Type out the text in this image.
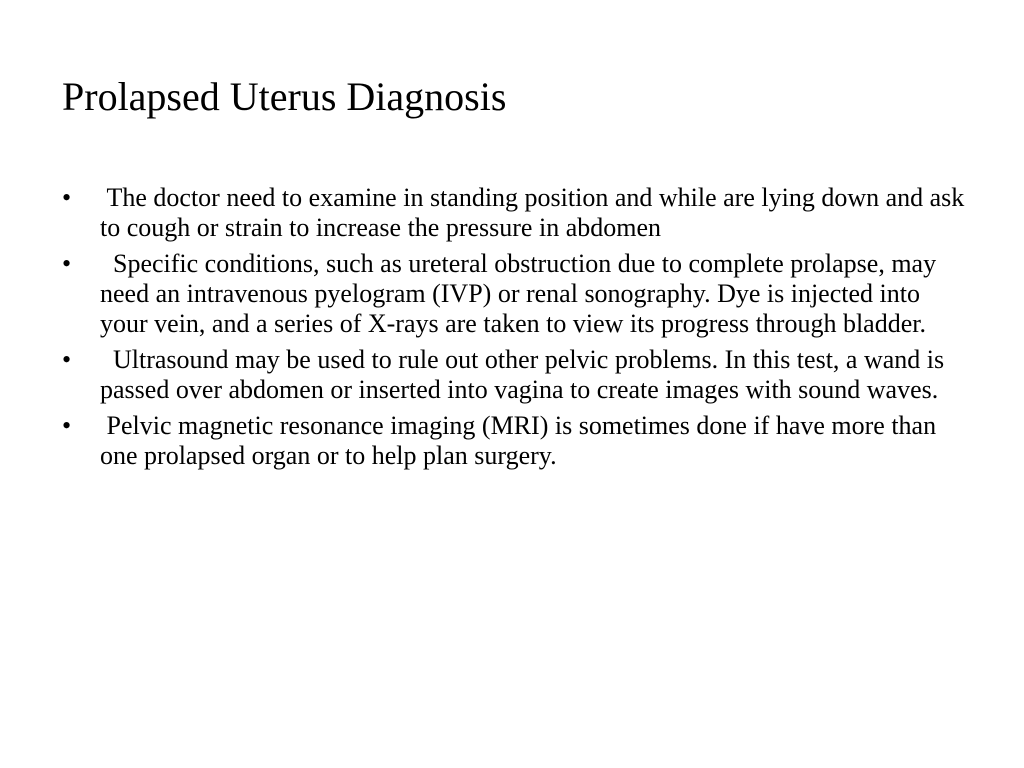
Prolapsed Uterus Diagnosis
•	The doctor need to examine in standing position and while are lying down and ask to cough or strain to increase the pressure in abdomen
•	Specific conditions, such as ureteral obstruction due to complete prolapse, may need an intravenous pyelogram (IVP) or renal sonography. Dye is injected into your vein, and a series of X-rays are taken to view its progress through bladder.
•	Ultrasound may be used to rule out other pelvic problems. In this test, a wand is passed over abdomen or inserted into vagina to create images with sound waves.
•	Pelvic magnetic resonance imaging (MRI) is sometimes done if have more than one prolapsed organ or to help plan surgery.
